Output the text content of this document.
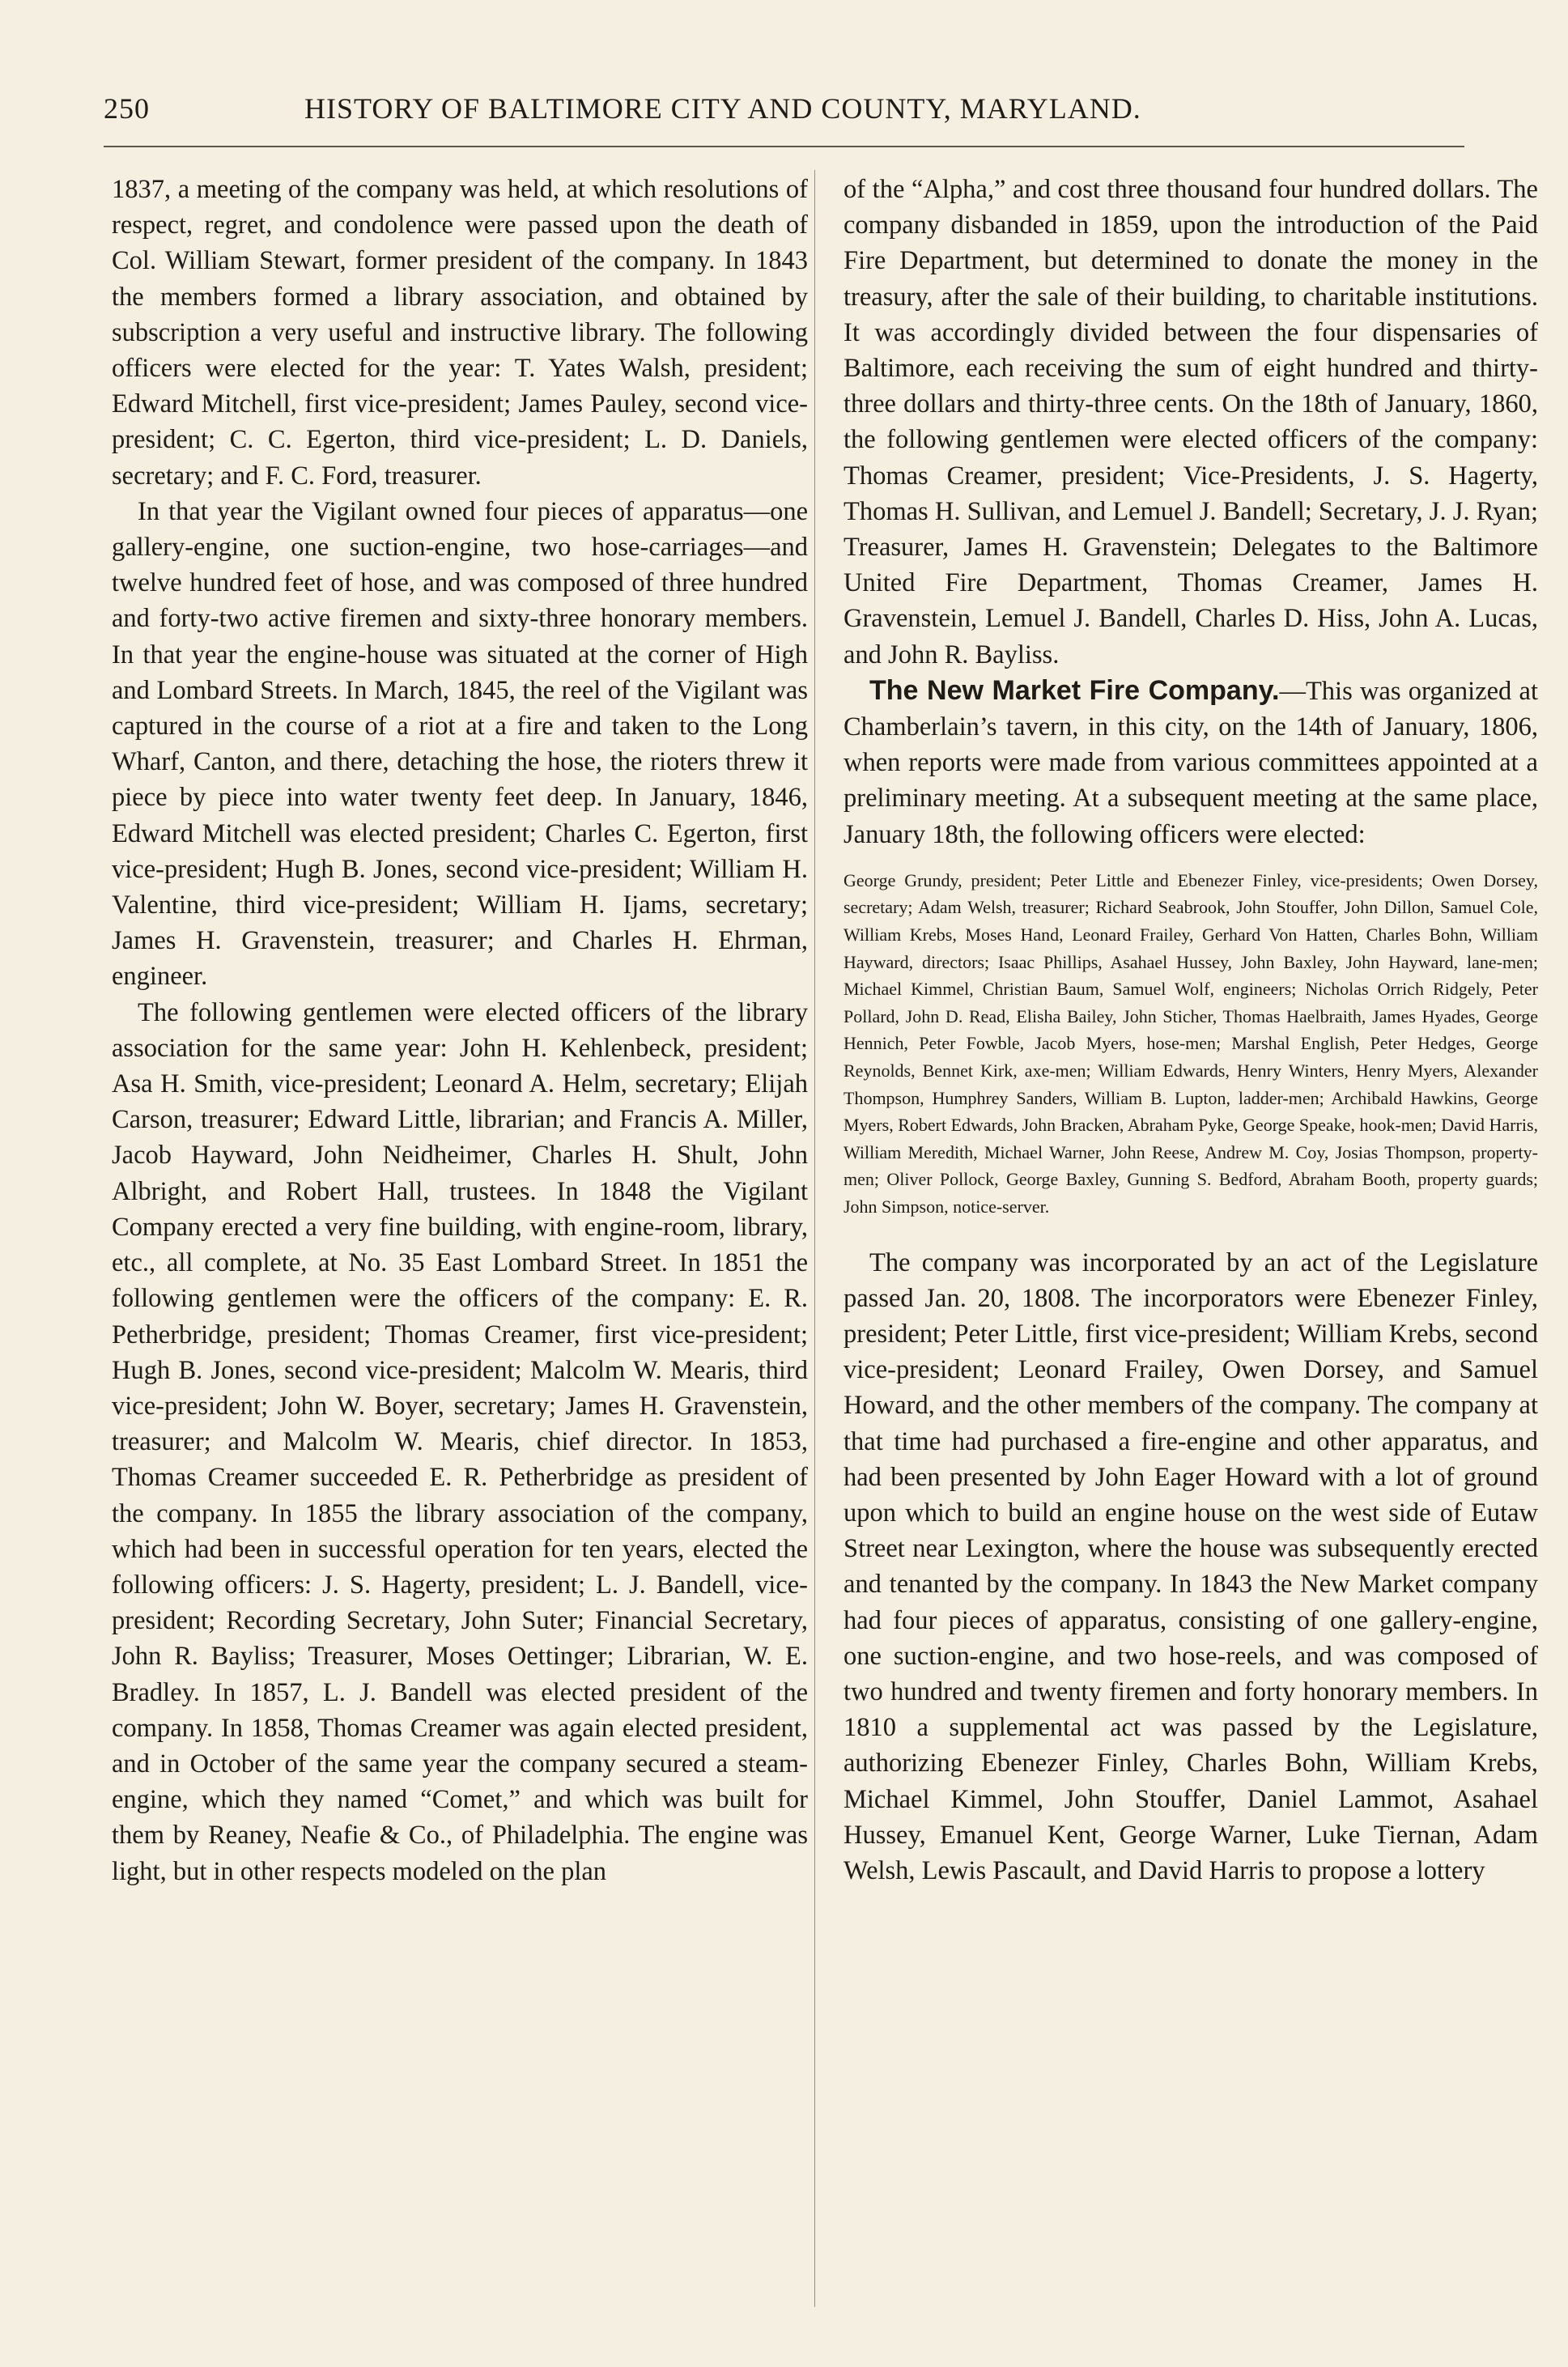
250	HISTORY OF BALTIMORE CITY AND COUNTY, MARYLAND.

1837, a meeting of the company was held, at which resolutions of respect, regret, and condolence were passed upon the death of Col. William Stewart, former president of the company. In 1843 the members formed a library association, and obtained by subscription a very useful and instructive library. The following officers were elected for the year: T. Yates Walsh, president; Edward Mitchell, first vice-president; James Pauley, second vice-president; C. C. Egerton, third vice-president; L. D. Daniels, secretary; and F. C. Ford, treasurer.

In that year the Vigilant owned four pieces of apparatus—one gallery-engine, one suction-engine, two hose-carriages—and twelve hundred feet of hose, and was composed of three hundred and forty-two active firemen and sixty-three honorary members. In that year the engine-house was situated at the corner of High and Lombard Streets. In March, 1845, the reel of the Vigilant was captured in the course of a riot at a fire and taken to the Long Wharf, Canton, and there, detaching the hose, the rioters threw it piece by piece into water twenty feet deep. In January, 1846, Edward Mitchell was elected president; Charles C. Egerton, first vice-president; Hugh B. Jones, second vice-president; William H. Valentine, third vice-president; William H. Ijams, secretary; James H. Gravenstein, treasurer; and Charles H. Ehrman, engineer.

The following gentlemen were elected officers of the library association for the same year: John H. Kehlenbeck, president; Asa H. Smith, vice-president; Leonard A. Helm, secretary; Elijah Carson, treasurer; Edward Little, librarian; and Francis A. Miller, Jacob Hayward, John Neidheimer, Charles H. Shult, John Albright, and Robert Hall, trustees. In 1848 the Vigilant Company erected a very fine building, with engine-room, library, etc., all complete, at No. 35 East Lombard Street. In 1851 the following gentlemen were the officers of the company: E. R. Petherbridge, president; Thomas Creamer, first vice-president; Hugh B. Jones, second vice-president; Malcolm W. Mearis, third vice-president; John W. Boyer, secretary; James H. Gravenstein, treasurer; and Malcolm W. Mearis, chief director. In 1853, Thomas Creamer succeeded E. R. Petherbridge as president of the company. In 1855 the library association of the company, which had been in successful operation for ten years, elected the following officers: J. S. Hagerty, president; L. J. Bandell, vice-president; Recording Secretary, John Suter; Financial Secretary, John R. Bayliss; Treasurer, Moses Oettinger; Librarian, W. E. Bradley. In 1857, L. J. Bandell was elected president of the company. In 1858, Thomas Creamer was again elected president, and in October of the same year the company secured a steam-engine, which they named “Comet,” and which was built for them by Reaney, Neafie & Co., of Philadelphia. The engine was light, but in other respects modeled on the plan

of the “Alpha,” and cost three thousand four hundred dollars. The company disbanded in 1859, upon the introduction of the Paid Fire Department, but determined to donate the money in the treasury, after the sale of their building, to charitable institutions. It was accordingly divided between the four dispensaries of Baltimore, each receiving the sum of eight hundred and thirty-three dollars and thirty-three cents. On the 18th of January, 1860, the following gentlemen were elected officers of the company: Thomas Creamer, president; Vice-Presidents, J. S. Hagerty, Thomas H. Sullivan, and Lemuel J. Bandell; Secretary, J. J. Ryan; Treasurer, James H. Gravenstein; Delegates to the Baltimore United Fire Department, Thomas Creamer, James H. Gravenstein, Lemuel J. Bandell, Charles D. Hiss, John A. Lucas, and John R. Bayliss.

The New Market Fire Company.—This was organized at Chamberlain’s tavern, in this city, on the 14th of January, 1806, when reports were made from various committees appointed at a preliminary meeting. At a subsequent meeting at the same place, January 18th, the following officers were elected:

George Grundy, president; Peter Little and Ebenezer Finley, vice-presidents; Owen Dorsey, secretary; Adam Welsh, treasurer; Richard Seabrook, John Stouffer, John Dillon, Samuel Cole, William Krebs, Moses Hand, Leonard Frailey, Gerhard Von Hatten, Charles Bohn, William Hayward, directors; Isaac Phillips, Asahael Hussey, John Baxley, John Hayward, lane-men; Michael Kimmel, Christian Baum, Samuel Wolf, engineers; Nicholas Orrich Ridgely, Peter Pollard, John D. Read, Elisha Bailey, John Sticher, Thomas Haelbraith, James Hyades, George Hennich, Peter Fowble, Jacob Myers, hose-men; Marshal English, Peter Hedges, George Reynolds, Bennet Kirk, axe-men; William Edwards, Henry Winters, Henry Myers, Alexander Thompson, Humphrey Sanders, William B. Lupton, ladder-men; Archibald Hawkins, George Myers, Robert Edwards, John Bracken, Abraham Pyke, George Speake, hook-men; David Harris, William Meredith, Michael Warner, John Reese, Andrew M. Coy, Josias Thompson, property-men; Oliver Pollock, George Baxley, Gunning S. Bedford, Abraham Booth, property guards; John Simpson, notice-server.

The company was incorporated by an act of the Legislature passed Jan. 20, 1808. The incorporators were Ebenezer Finley, president; Peter Little, first vice-president; William Krebs, second vice-president; Leonard Frailey, Owen Dorsey, and Samuel Howard, and the other members of the company. The company at that time had purchased a fire-engine and other apparatus, and had been presented by John Eager Howard with a lot of ground upon which to build an engine house on the west side of Eutaw Street near Lexington, where the house was subsequently erected and tenanted by the company. In 1843 the New Market company had four pieces of apparatus, consisting of one gallery-engine, one suction-engine, and two hose-reels, and was composed of two hundred and twenty firemen and forty honorary members. In 1810 a supplemental act was passed by the Legislature, authorizing Ebenezer Finley, Charles Bohn, William Krebs, Michael Kimmel, John Stouffer, Daniel Lammot, Asahael Hussey, Emanuel Kent, George Warner, Luke Tiernan, Adam Welsh, Lewis Pascault, and David Harris to propose a lottery
